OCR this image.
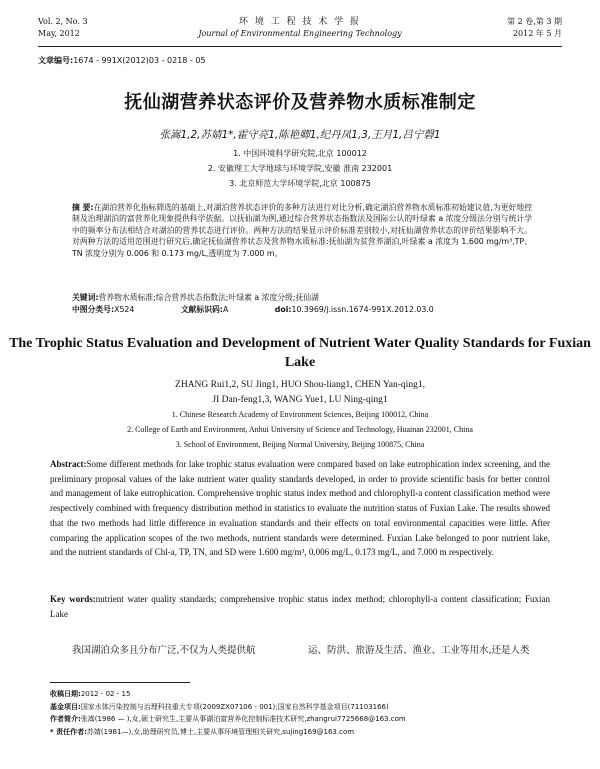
Vol. 2, No. 3
May, 2012
环 境 工 程 技 术 学 报
Journal of Environmental Engineering Technology
第 2 卷,第 3 期
2012 年 5 月
文章编号:1674 - 991X(2012)03 - 0218 - 05
抚仙湖营养状态评价及营养物水质标准制定
张嵩1,2,苏婧1*,霍守亮1,陈艳卿1,纪丹凤1,3,王月1,吕宁磬1
1. 中国环境科学研究院,北京 100012
2. 安徽理工大学地球与环境学院,安徽 淮南 232001
3. 北京师范大学环境学院,北京 100875
摘 要:在湖泊营养化指标筛选的基础上,对湖泊营养状态评价的多种方法进行对比分析,确定湖泊营养物水质标准初始建议值,为更好地控制及治理湖泊的富营养化现象提供科学依据。以抚仙湖为例,通过综合营养状态指数法及国际公认的叶绿素 a 浓度分级法分别与统计学中的频率分布法相结合对湖泊的营养状态进行评价。两种方法的结果显示评价标准差别较小,对抚仙湖营养状态的评价结果影响不大。对两种方法的适用范围进行研究后,确定抚仙湖营养状态及营养物水质标准:抚仙湖为贫营养湖泊,叶绿素 a 浓度为 1.600 mg/m³,TP、TN 浓度分别为 0.006 和 0.173 mg/L,透明度为 7.000 m。
关键词:营养物水质标准;综合营养状态指数法;叶绿素 a 浓度分级;抚仙湖
中图分类号:X524	文献标识码:A	doi:10.3969/j.issn.1674-991X.2012.03.0
The Trophic Status Evaluation and Development of Nutrient Water Quality Standards for Fuxian Lake
ZHANG Rui1,2, SU Jing1, HUO Shou-liang1, CHEN Yan-qing1,
JI Dan-feng1,3, WANG Yue1, LU Ning-qing1
1. Chinese Research Academy of Environment Sciences, Beijing 100012, China
2. College of Earth and Environment, Anhui University of Science and Technology, Huainan 232001, China
3. School of Environment, Beijing Normal University, Beijing 100875, China
Abstract:Some different methods for lake trophic status evaluation were compared based on lake eutrophication index screening, and the preliminary proposal values of the lake nutrient water quality standards developed, in order to provide scientific basis for better control and management of lake eutrophication. Comprehensive trophic status index method and chlorophyll-a content classification method were respectively combined with frequency distribution method in statistics to evaluate the nutrition status of Fuxian Lake. The results showed that the two methods had little difference in evaluation standards and their effects on total environmental capacities were little. After comparing the application scopes of the two methods, nutrient standards were determined. Fuxian Lake belonged to poor nutrient lake, and the nutrient standards of Chl-a, TP, TN, and SD were 1.600 mg/m³, 0.006 mg/L, 0.173 mg/L, and 7.000 m respectively.
Key words:nutrient water quality standards; comprehensive trophic status index method; chlorophyll-a content classification; Fuxian Lake
我国湖泊众多且分布广泛,不仅为人类提供航	运、防洪、旅游及生活、渔业、工业等用水,还是人类
收稿日期:2012 - 02 - 15
基金项目:国家水体污染控制与治理科技重大专项(2009ZX07106 - 001);国家自然科学基金项目(71103166)
作者简介:张嵩(1986 — ),女,硕士研究生,主要从事湖泊富营养化控制标准技术研究,zhangrui7725668@163.com
* 责任作者:苏婧(1981—),女,助理研究员,博士,主要从事环境管理相关研究,sujing169@163.com
